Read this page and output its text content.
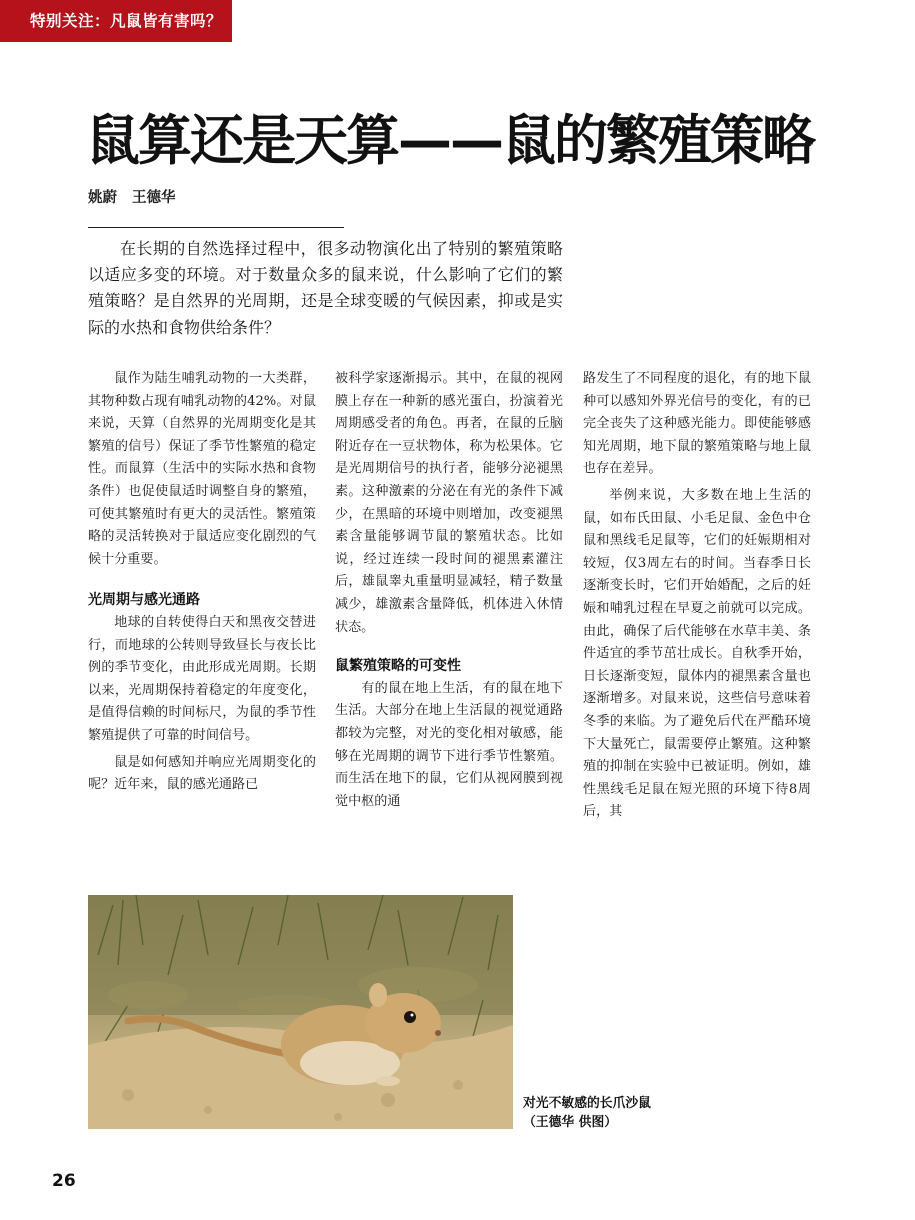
特别关注：凡鼠皆有害吗？
鼠算还是天算——鼠的繁殖策略
姚蔚 王德华

在长期的自然选择过程中，很多动物演化出了特别的繁殖策略以适应多变的环境。对于数量众多的鼠来说，什么影响了它们的繁殖策略？是自然界的光周期，还是全球变暖的气候因素，抑或是实际的水热和食物供给条件？

鼠作为陆生哺乳动物的一大类群，其物种数占现有哺乳动物的42%。对鼠来说，天算（自然界的光周期变化是其繁殖的信号）保证了季节性繁殖的稳定性。而鼠算（生活中的实际水热和食物条件）也促使鼠适时调整自身的繁殖，可使其繁殖时有更大的灵活性。繁殖策略的灵活转换对于鼠适应变化剧烈的气候十分重要。

光周期与感光通路

地球的自转使得白天和黑夜交替进行，而地球的公转则导致昼长与夜长比例的季节变化，由此形成光周期。长期以来，光周期保持着稳定的年度变化，是值得信赖的时间标尺，为鼠的季节性繁殖提供了可靠的时间信号。

鼠是如何感知并响应光周期变化的呢？近年来，鼠的感光通路已

被科学家逐渐揭示。其中，在鼠的视网膜上存在一种新的感光蛋白，扮演着光周期感受者的角色。再者，在鼠的丘脑附近存在一豆状物体，称为松果体。它是光周期信号的执行者，能够分泌褪黑素。这种激素的分泌在有光的条件下减少，在黑暗的环境中则增加，改变褪黑素含量能够调节鼠的繁殖状态。比如说，经过连续一段时间的褪黑素灌注后，雄鼠睾丸重量明显减轻，精子数量减少，雄激素含量降低，机体进入休情状态。

鼠繁殖策略的可变性

有的鼠在地上生活，有的鼠在地下生活。大部分在地上生活鼠的视觉通路都较为完整，对光的变化相对敏感，能够在光周期的调节下进行季节性繁殖。而生活在地下的鼠，它们从视网膜到视觉中枢的通

路发生了不同程度的退化，有的地下鼠种可以感知外界光信号的变化，有的已完全丧失了这种感光能力。即使能够感知光周期，地下鼠的繁殖策略与地上鼠也存在差异。

举例来说，大多数在地上生活的鼠，如布氏田鼠、小毛足鼠、金色中仓鼠和黑线毛足鼠等，它们的妊娠期相对较短，仅3周左右的时间。当春季日长逐渐变长时，它们开始婚配，之后的妊娠和哺乳过程在早夏之前就可以完成。由此，确保了后代能够在水草丰美、条件适宜的季节茁壮成长。自秋季开始，日长逐渐变短，鼠体内的褪黑素含量也逐渐增多。对鼠来说，这些信号意味着冬季的来临。为了避免后代在严酷环境下大量死亡，鼠需要停止繁殖。这种繁殖的抑制在实验中已被证明。例如，雄性黑线毛足鼠在短光照的环境下待8周后，其

对光不敏感的长爪沙鼠
（王德华 供图）
26
